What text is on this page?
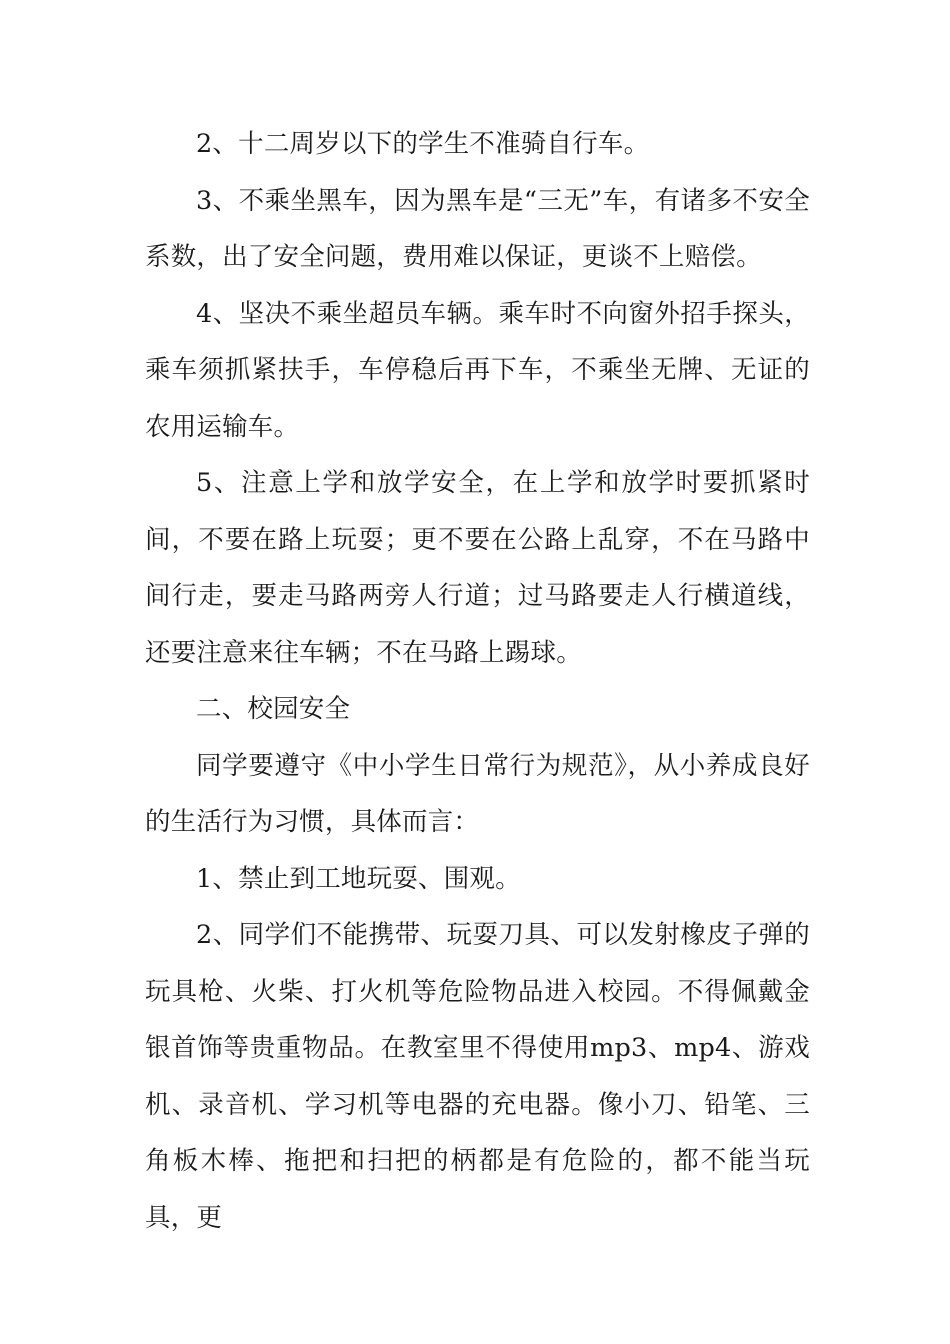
2、十二周岁以下的学生不准骑自行车。

3、不乘坐黑车，因为黑车是“三无”车，有诸多不安全系数，出了安全问题，费用难以保证，更谈不上赔偿。

4、坚决不乘坐超员车辆。乘车时不向窗外招手探头，乘车须抓紧扶手，车停稳后再下车，不乘坐无牌、无证的农用运输车。

5、注意上学和放学安全，在上学和放学时要抓紧时间，不要在路上玩耍；更不要在公路上乱穿，不在马路中间行走，要走马路两旁人行道；过马路要走人行横道线，还要注意来往车辆；不在马路上踢球。

二、校园安全

同学要遵守《中小学生日常行为规范》，从小养成良好的生活行为习惯，具体而言：

1、禁止到工地玩耍、围观。

2、同学们不能携带、玩耍刀具、可以发射橡皮子弹的玩具枪、火柴、打火机等危险物品进入校园。不得佩戴金银首饰等贵重物品。在教室里不得使用mp3、mp4、游戏机、录音机、学习机等电器的充电器。像小刀、铅笔、三角板木棒、拖把和扫把的柄都是有危险的，都不能当玩具，更
